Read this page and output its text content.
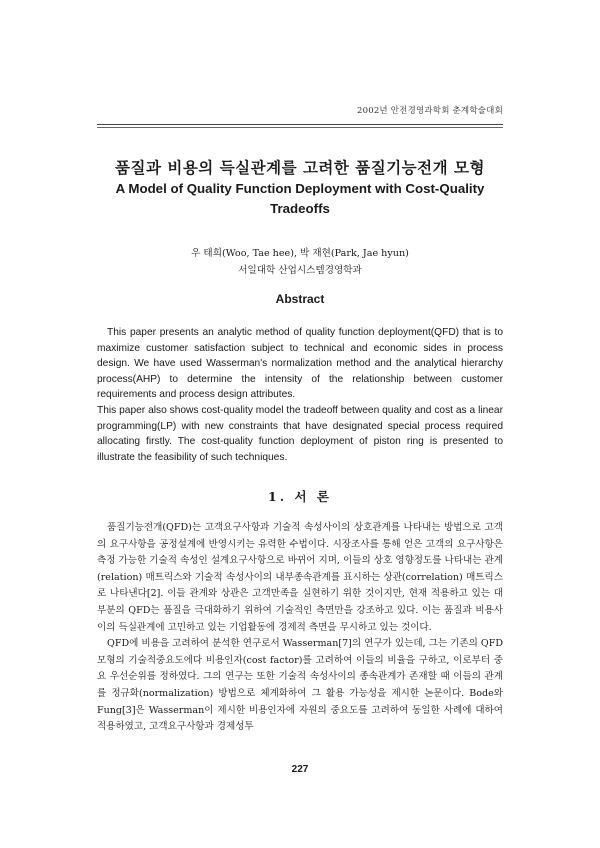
2002년 안전경영과학회 춘계학술대회
품질과 비용의 득실관계를 고려한 품질기능전개 모형
A Model of Quality Function Deployment with Cost-Quality Tradeoffs
우 태희(Woo, Tae hee), 박 재현(Park, Jae hyun)
서일대학 산업시스템경영학과
Abstract

This paper presents an analytic method of quality function deployment(QFD) that is to maximize customer satisfaction subject to technical and economic sides in process design. We have used Wasserman's normalization method and the analytical hierarchy process(AHP) to determine the intensity of the relationship between customer requirements and process design attributes.

This paper also shows cost-quality model the tradeoff between quality and cost as a linear programming(LP) with new constraints that have designated special process required allocating firstly. The cost-quality function deployment of piston ring is presented to illustrate the feasibility of such techniques.

1. 서 론

품질기능전개(QFD)는 고객요구사항과 기술적 속성사이의 상호관계를 나타내는 방법으로 고객의 요구사항을 공정설계에 반영시키는 유력한 수법이다. 시장조사를 통해 얻은 고객의 요구사항은 측정 가능한 기술적 속성인 설계요구사항으로 바뀌어 지며, 이들의 상호 영향정도를 나타내는 관계(relation) 매트릭스와 기술적 속성사이의 내부종속관계를 표시하는 상관(correlation) 매트릭스로 나타낸다[2]. 이들 관계와 상관은 고객만족을 실현하기 위한 것이지만, 현재 적용하고 있는 대부분의 QFD는 품질을 극대화하기 위하여 기술적인 측면만을 강조하고 있다. 이는 품질과 비용사이의 득실관계에 고민하고 있는 기업활동에 경제적 측면을 무시하고 있는 것이다.

QFD에 비용을 고려하여 분석한 연구로서 Wasserman[7]의 연구가 있는데, 그는 기존의 QFD모형의 기술적중요도에다 비용인자(cost factor)를 고려하여 이들의 비율을 구하고, 이로부터 중요 우선순위를 정하였다. 그의 연구는 또한 기술적 속성사이의 종속관계가 존재할 때 이들의 관계를 정규화(normalization) 방법으로 체계화하여 그 활용 가능성을 제시한 논문이다. Bode와 Fung[3]은 Wasserman이 제시한 비용인자에 자원의 중요도를 고려하여 동일한 사례에 대하여 적용하였고, 고객요구사항과 경제성투

227
